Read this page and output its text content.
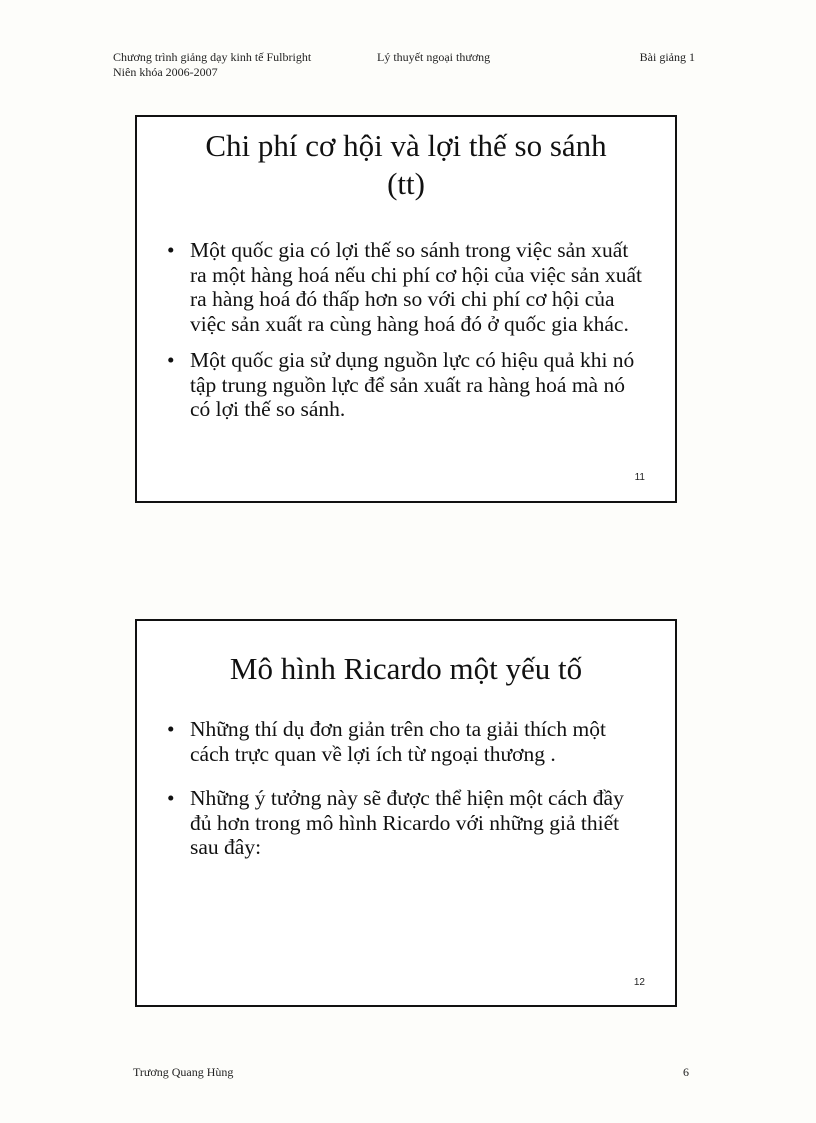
Chương trình giảng dạy kinh tế Fulbright
Niên khóa 2006-2007
Lý thuyết ngoại thương	Bài giảng 1
Chi phí cơ hội và lợi thế so sánh
(tt)
• Một quốc gia có lợi thế so sánh trong việc sản xuất ra một hàng hoá nếu chi phí cơ hội của việc sản xuất ra hàng hoá đó thấp hơn so với chi phí cơ hội của việc sản xuất ra cùng hàng hoá đó ở quốc gia khác.
• Một quốc gia sử dụng nguồn lực có hiệu quả khi nó tập trung nguồn lực để sản xuất ra hàng hoá mà nó có lợi thế so sánh.
11
Mô hình Ricardo một yếu tố
• Những thí dụ đơn giản trên cho ta giải thích một cách trực quan về lợi ích từ ngoại thương .
• Những ý tưởng này sẽ được thể hiện một cách đầy đủ hơn trong mô hình Ricardo với những giả thiết sau đây:
12
Trương Quang Hùng	6
